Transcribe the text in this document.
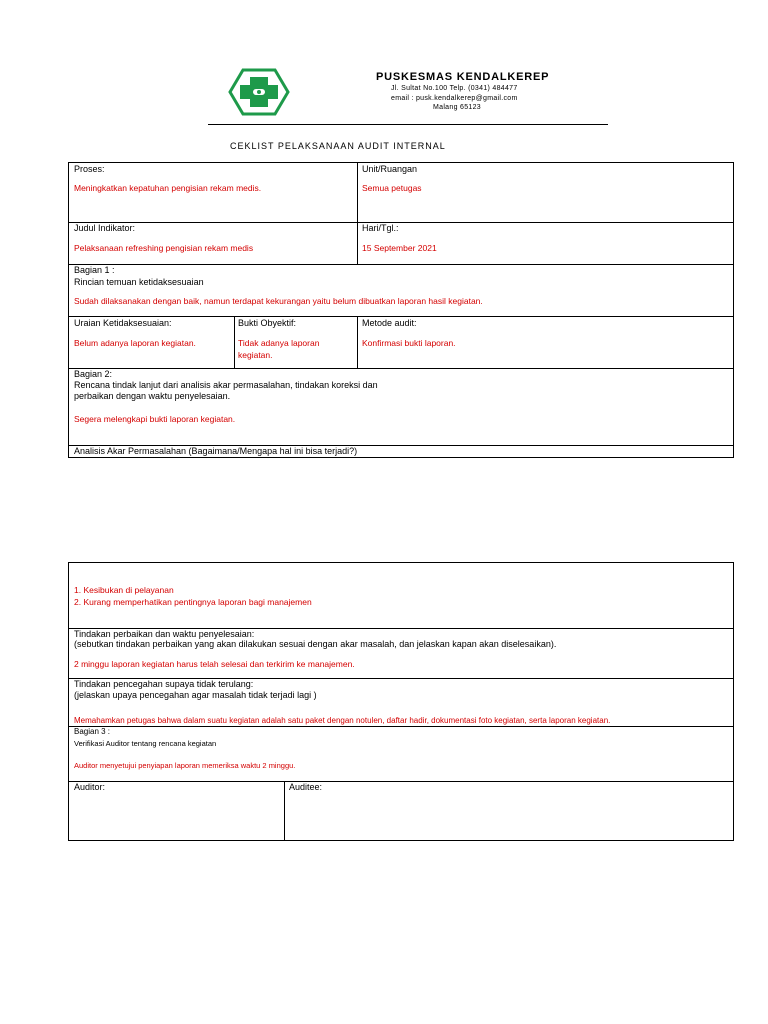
PUSKESMAS KENDALKEREP
Jl. Sultat No.100 Telp. (0341) 484477
email : pusk.kendalkerep@gmail.com
Malang 65123
CEKLIST PELAKSANAAN AUDIT INTERNAL
Proses:
Meningkatkan kepatuhan pengisian rekam medis.
Unit/Ruangan
Semua petugas
Judul Indikator:
Pelaksanaan refreshing pengisian rekam medis
Hari/Tgl.:
15 September 2021
Bagian 1 :
Rincian temuan ketidaksesuaian
Sudah dilaksanakan dengan baik, namun terdapat kekurangan yaitu belum dibuatkan laporan hasil kegiatan.
Uraian Ketidaksesuaian:
Belum adanya laporan kegiatan.
Bukti Obyektif:
Tidak adanya laporan
kegiatan.
Metode audit:
Konfirmasi bukti laporan.
Bagian 2:
Rencana tindak lanjut dari analisis akar permasalahan, tindakan koreksi dan
perbaikan dengan waktu penyelesaian.
Segera melengkapi bukti laporan kegiatan.
Analisis Akar Permasalahan (Bagaimana/Mengapa hal ini bisa terjadi?)
1. Kesibukan di pelayanan
2. Kurang memperhatikan pentingnya laporan bagi manajemen
Tindakan perbaikan dan waktu penyelesaian:
(sebutkan tindakan perbaikan yang akan dilakukan sesuai dengan akar masalah, dan jelaskan kapan akan diselesaikan).
2 minggu laporan kegiatan harus telah selesai dan terkirim ke manajemen.
Tindakan pencegahan supaya tidak terulang:
(jelaskan upaya pencegahan agar masalah tidak terjadi lagi )
Memahamkan petugas bahwa dalam suatu kegiatan adalah satu paket dengan notulen, daftar hadir, dokumentasi foto kegiatan, serta laporan kegiatan.
Bagian 3 :
Verifikasi Auditor tentang rencana kegiatan
Auditor menyetujui penyiapan laporan memeriksa waktu 2 minggu.
Auditor:	Auditee:
